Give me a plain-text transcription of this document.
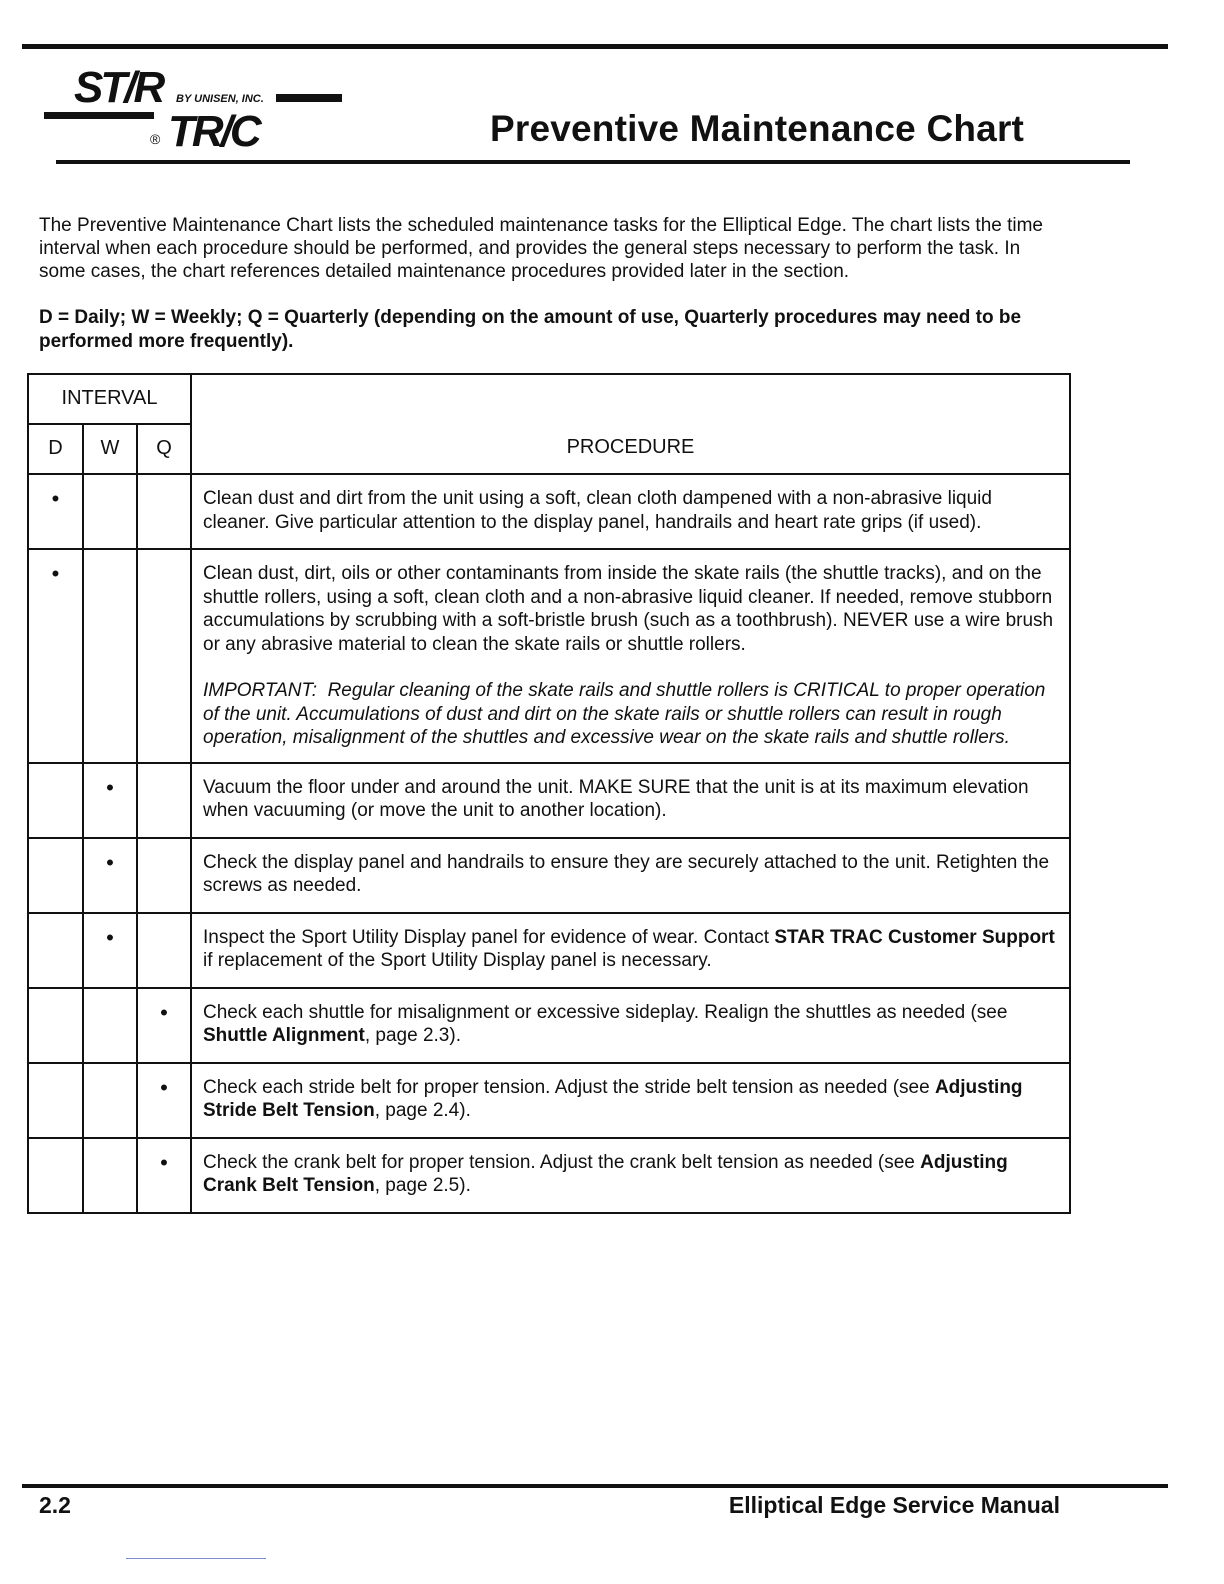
ST/R BY UNISEN, INC.
® TR/C	Preventive Maintenance Chart
The Preventive Maintenance Chart lists the scheduled maintenance tasks for the Elliptical Edge. The chart lists the time interval when each procedure should be performed, and provides the general steps necessary to perform the task. In some cases, the chart references detailed maintenance procedures provided later in the section.
D = Daily; W = Weekly; Q = Quarterly (depending on the amount of use, Quarterly procedures may need to be performed more frequently).
INTERVAL			PROCEDURE
D	W	Q	
•			Clean dust and dirt from the unit using a soft, clean cloth dampened with a non-abrasive liquid cleaner. Give particular attention to the display panel, handrails and heart rate grips (if used).

•			Clean dust, dirt, oils or other contaminants from inside the skate rails (the shuttle tracks), and on the shuttle rollers, using a soft, clean cloth and a non-abrasive liquid cleaner. If needed, remove stubborn accumulations by scrubbing with a soft-bristle brush (such as a toothbrush). NEVER use a wire brush or any abrasive material to clean the skate rails or shuttle rollers.

IMPORTANT: Regular cleaning of the skate rails and shuttle rollers is CRITICAL to proper operation of the unit. Accumulations of dust and dirt on the skate rails or shuttle rollers can result in rough operation, misalignment of the shuttles and excessive wear on the skate rails and shuttle rollers.

	•		Vacuum the floor under and around the unit. MAKE SURE that the unit is at its maximum elevation when vacuuming (or move the unit to another location).

	•		Check the display panel and handrails to ensure they are securely attached to the unit. Retighten the screws as needed.

	•		Inspect the Sport Utility Display panel for evidence of wear. Contact STAR TRAC Customer Support if replacement of the Sport Utility Display panel is necessary.

		•	Check each shuttle for misalignment or excessive sideplay. Realign the shuttles as needed (see Shuttle Alignment, page 2.3).

		•	Check each stride belt for proper tension. Adjust the stride belt tension as needed (see Adjusting Stride Belt Tension, page 2.4).

		•	Check the crank belt for proper tension. Adjust the crank belt tension as needed (see Adjusting Crank Belt Tension, page 2.5).

2.2	Elliptical Edge Service Manual
